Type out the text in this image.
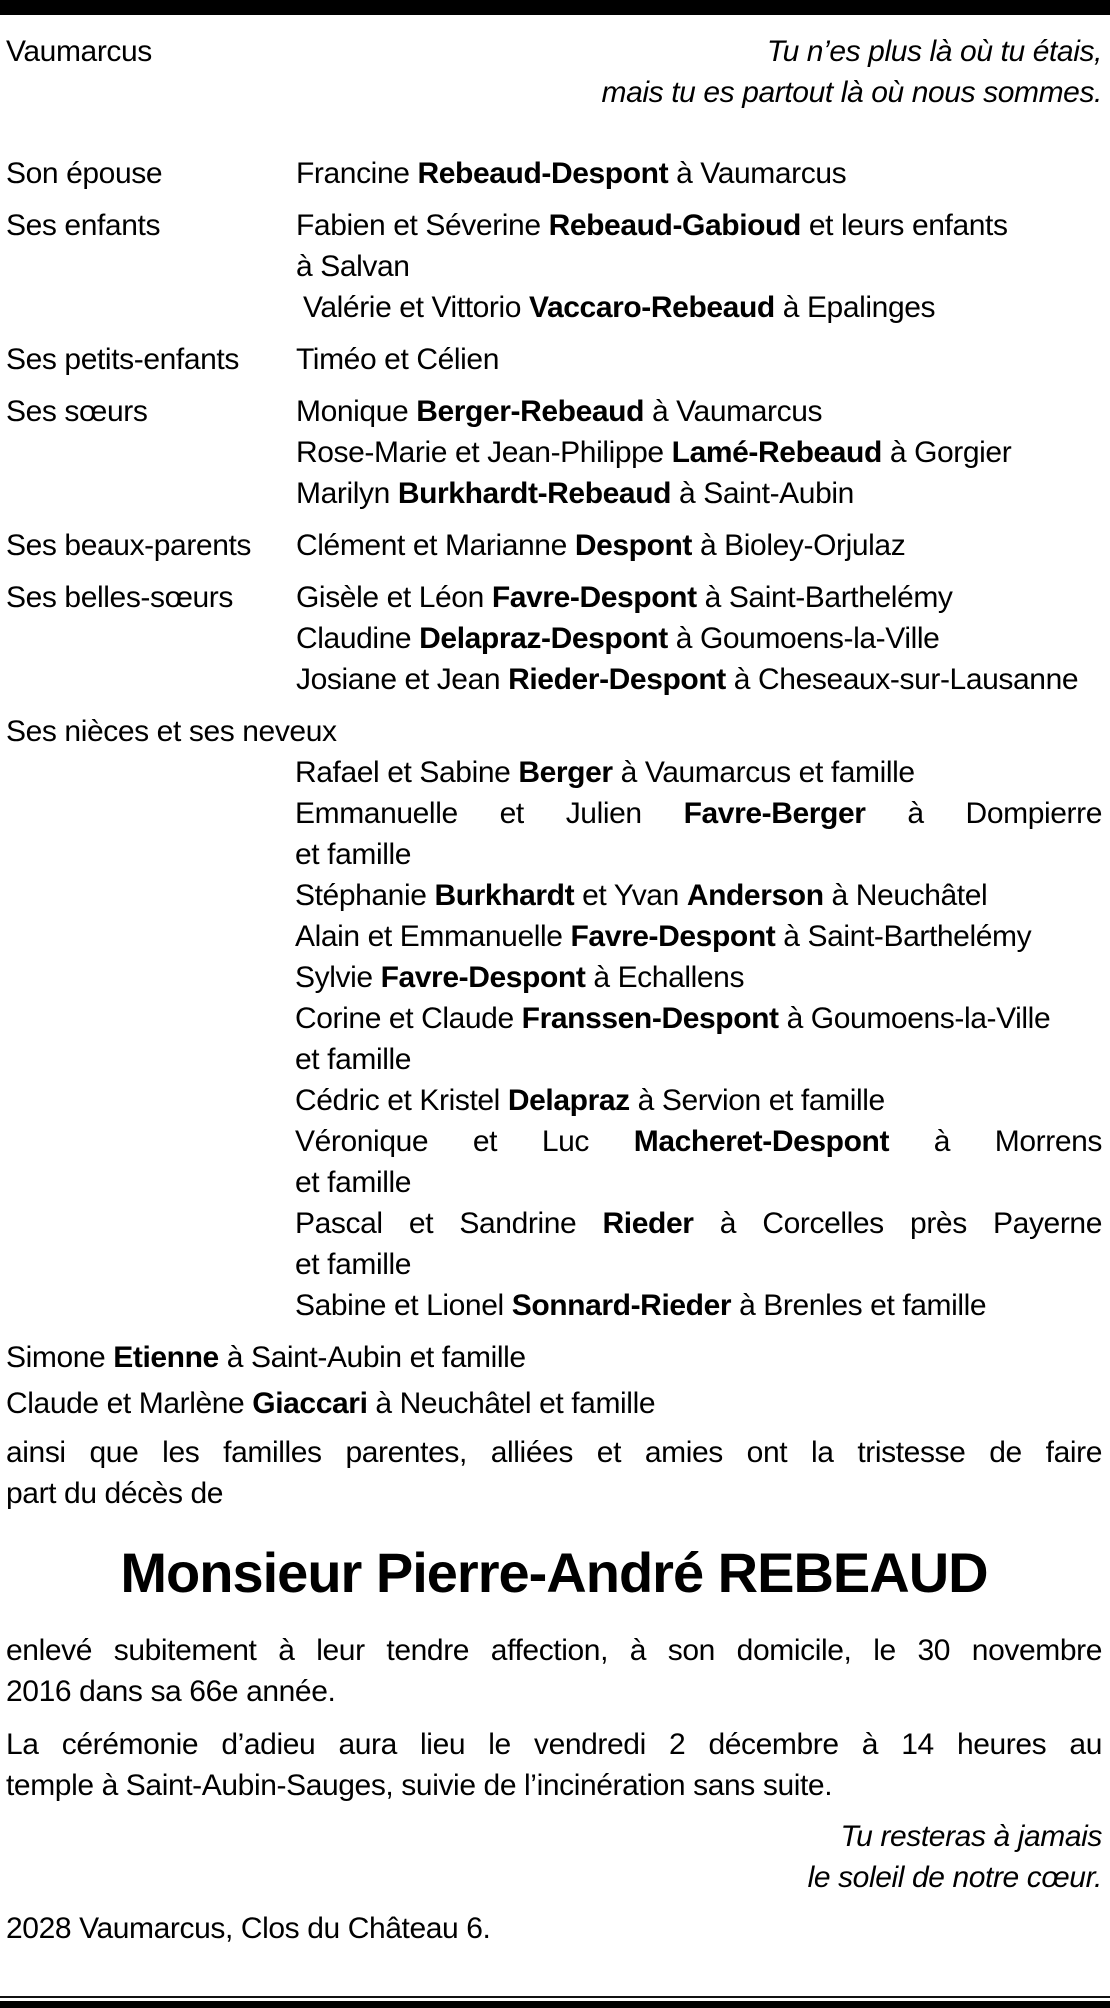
Vaumarcus	Tu n’es plus là où tu étais,
mais tu es partout là où nous sommes.
Son épouse	Francine Rebeaud-Despont à Vaumarcus
Ses enfants	Fabien et Séverine Rebeaud-Gabioud et leurs enfants
à Salvan
Valérie et Vittorio Vaccaro-Rebeaud à Epalinges
Ses petits-enfants	Timéo et Célien
Ses sœurs	Monique Berger-Rebeaud à Vaumarcus
Rose-Marie et Jean-Philippe Lamé-Rebeaud à Gorgier
Marilyn Burkhardt-Rebeaud à Saint-Aubin
Ses beaux-parents	Clément et Marianne Despont à Bioley-Orjulaz
Ses belles-sœurs	Gisèle et Léon Favre-Despont à Saint-Barthelémy
Claudine Delapraz-Despont à Goumoens-la-Ville
Josiane et Jean Rieder-Despont à Cheseaux-sur-Lausanne
Ses nièces et ses neveux
Rafael et Sabine Berger à Vaumarcus et famille
Emmanuelle et Julien Favre-Berger à Dompierre
et famille
Stéphanie Burkhardt et Yvan Anderson à Neuchâtel
Alain et Emmanuelle Favre-Despont à Saint-Barthelémy
Sylvie Favre-Despont à Echallens
Corine et Claude Franssen-Despont à Goumoens-la-Ville
et famille
Cédric et Kristel Delapraz à Servion et famille
Véronique et Luc Macheret-Despont à Morrens
et famille
Pascal et Sandrine Rieder à Corcelles près Payerne
et famille
Sabine et Lionel Sonnard-Rieder à Brenles et famille
Simone Etienne à Saint-Aubin et famille
Claude et Marlène Giaccari à Neuchâtel et famille
ainsi que les familles parentes, alliées et amies ont la tristesse de faire
part du décès de
Monsieur Pierre-André REBEAUD
enlevé subitement à leur tendre affection, à son domicile, le 30 novembre
2016 dans sa 66e année.
La cérémonie d’adieu aura lieu le vendredi 2 décembre à 14 heures au
temple à Saint-Aubin-Sauges, suivie de l’incinération sans suite.
Tu resteras à jamais
le soleil de notre cœur.
2028 Vaumarcus, Clos du Château 6.
